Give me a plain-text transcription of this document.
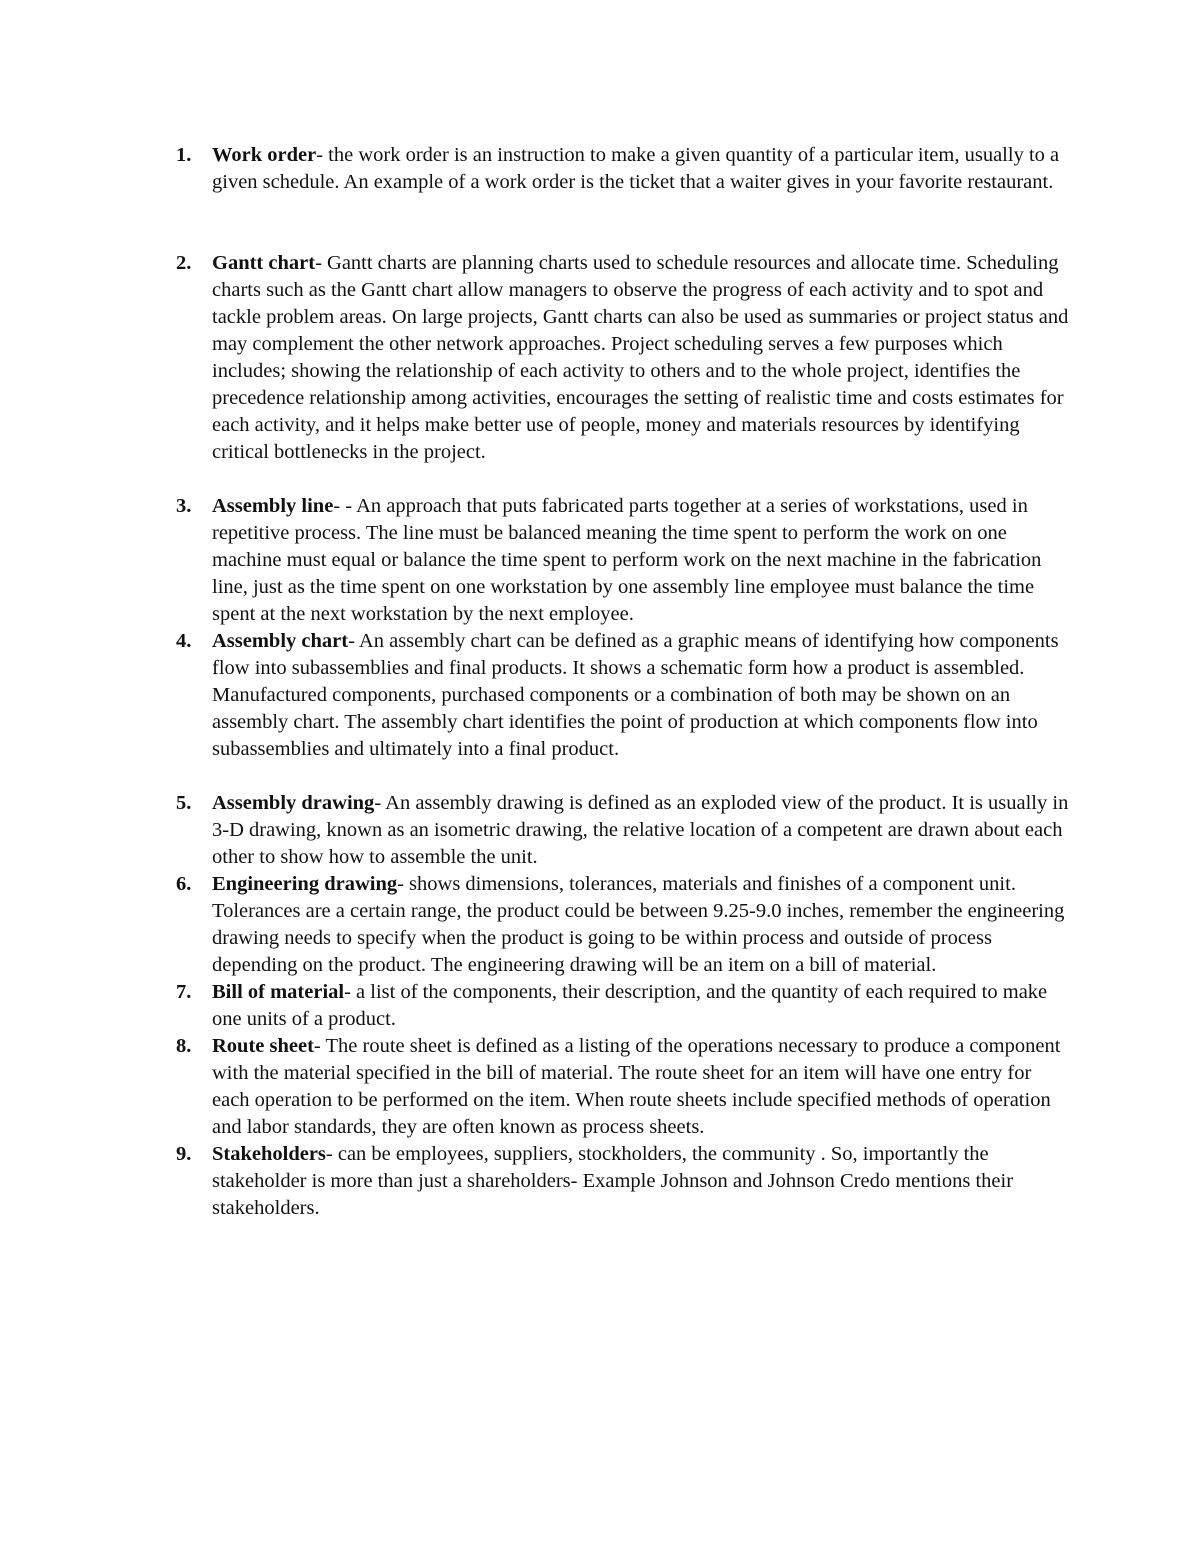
1. Work order- the work order is an instruction to make a given quantity of a particular item, usually to a given schedule. An example of a work order is the ticket that a waiter gives in your favorite restaurant.
2. Gantt chart- Gantt charts are planning charts used to schedule resources and allocate time. Scheduling charts such as the Gantt chart allow managers to observe the progress of each activity and to spot and tackle problem areas. On large projects, Gantt charts can also be used as summaries or project status and may complement the other network approaches. Project scheduling serves a few purposes which includes; showing the relationship of each activity to others and to the whole project, identifies the precedence relationship among activities, encourages the setting of realistic time and costs estimates for each activity, and it helps make better use of people, money and materials resources by identifying critical bottlenecks in the project.
3. Assembly line- - An approach that puts fabricated parts together at a series of workstations, used in repetitive process. The line must be balanced meaning the time spent to perform the work on one machine must equal or balance the time spent to perform work on the next machine in the fabrication line, just as the time spent on one workstation by one assembly line employee must balance the time spent at the next workstation by the next employee.
4. Assembly chart- An assembly chart can be defined as a graphic means of identifying how components flow into subassemblies and final products. It shows a schematic form how a product is assembled. Manufactured components, purchased components or a combination of both may be shown on an assembly chart. The assembly chart identifies the point of production at which components flow into subassemblies and ultimately into a final product.
5. Assembly drawing- An assembly drawing is defined as an exploded view of the product. It is usually in 3-D drawing, known as an isometric drawing, the relative location of a competent are drawn about each other to show how to assemble the unit.
6. Engineering drawing- shows dimensions, tolerances, materials and finishes of a component unit. Tolerances are a certain range, the product could be between 9.25-9.0 inches, remember the engineering drawing needs to specify when the product is going to be within process and outside of process depending on the product. The engineering drawing will be an item on a bill of material.
7. Bill of material- a list of the components, their description, and the quantity of each required to make one units of a product.
8. Route sheet- The route sheet is defined as a listing of the operations necessary to produce a component with the material specified in the bill of material. The route sheet for an item will have one entry for each operation to be performed on the item. When route sheets include specified methods of operation and labor standards, they are often known as process sheets.
9. Stakeholders- can be employees, suppliers, stockholders, the community . So, importantly the stakeholder is more than just a shareholders- Example Johnson and Johnson Credo mentions their stakeholders.
